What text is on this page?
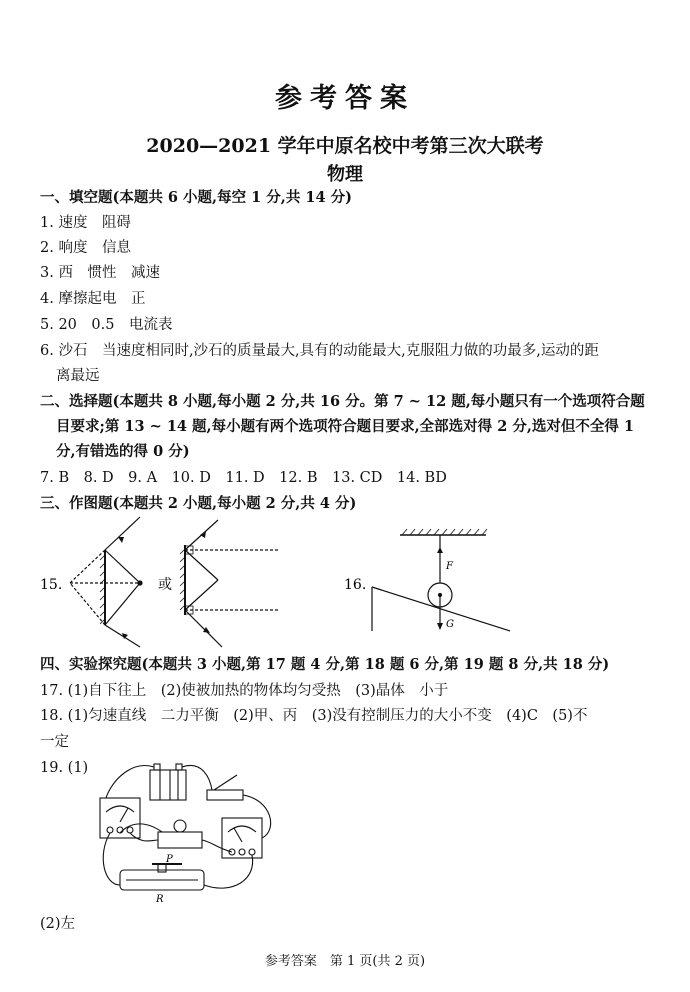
参考答案
2020—2021 学年中原名校中考第三次大联考
物理
一、填空题(本题共 6 小题,每空 1 分,共 14 分)
1. 速度　阻碍
2. 响度　信息
3. 西　惯性　减速
4. 摩擦起电　正
5. 20　0.5　电流表
6. 沙石　当速度相同时,沙石的质量最大,具有的动能最大,克服阻力做的功最多,运动的距
离最远
二、选择题(本题共 8 小题,每小题 2 分,共 16 分。第 7 ~ 12 题,每小题只有一个选项符合题
目要求;第 13 ~ 14 题,每小题有两个选项符合题目要求,全部选对得 2 分,选对但不全得 1
分,有错选的得 0 分)
7. B　8. D　9. A　10. D　11. D　12. B　13. CD　14. BD
三、作图题(本题共 2 小题,每小题 2 分,共 4 分)
15.	或	16.
F
G
四、实验探究题(本题共 3 小题,第 17 题 4 分,第 18 题 6 分,第 19 题 8 分,共 18 分)
17. (1)自下往上　(2)使被加热的物体均匀受热　(3)晶体　小于
18. (1)匀速直线　二力平衡　(2)甲、丙　(3)没有控制压力的大小不变　(4)C　(5)不
一定
19. (1)
P
R
(2)左
参考答案　第 1 页(共 2 页)
